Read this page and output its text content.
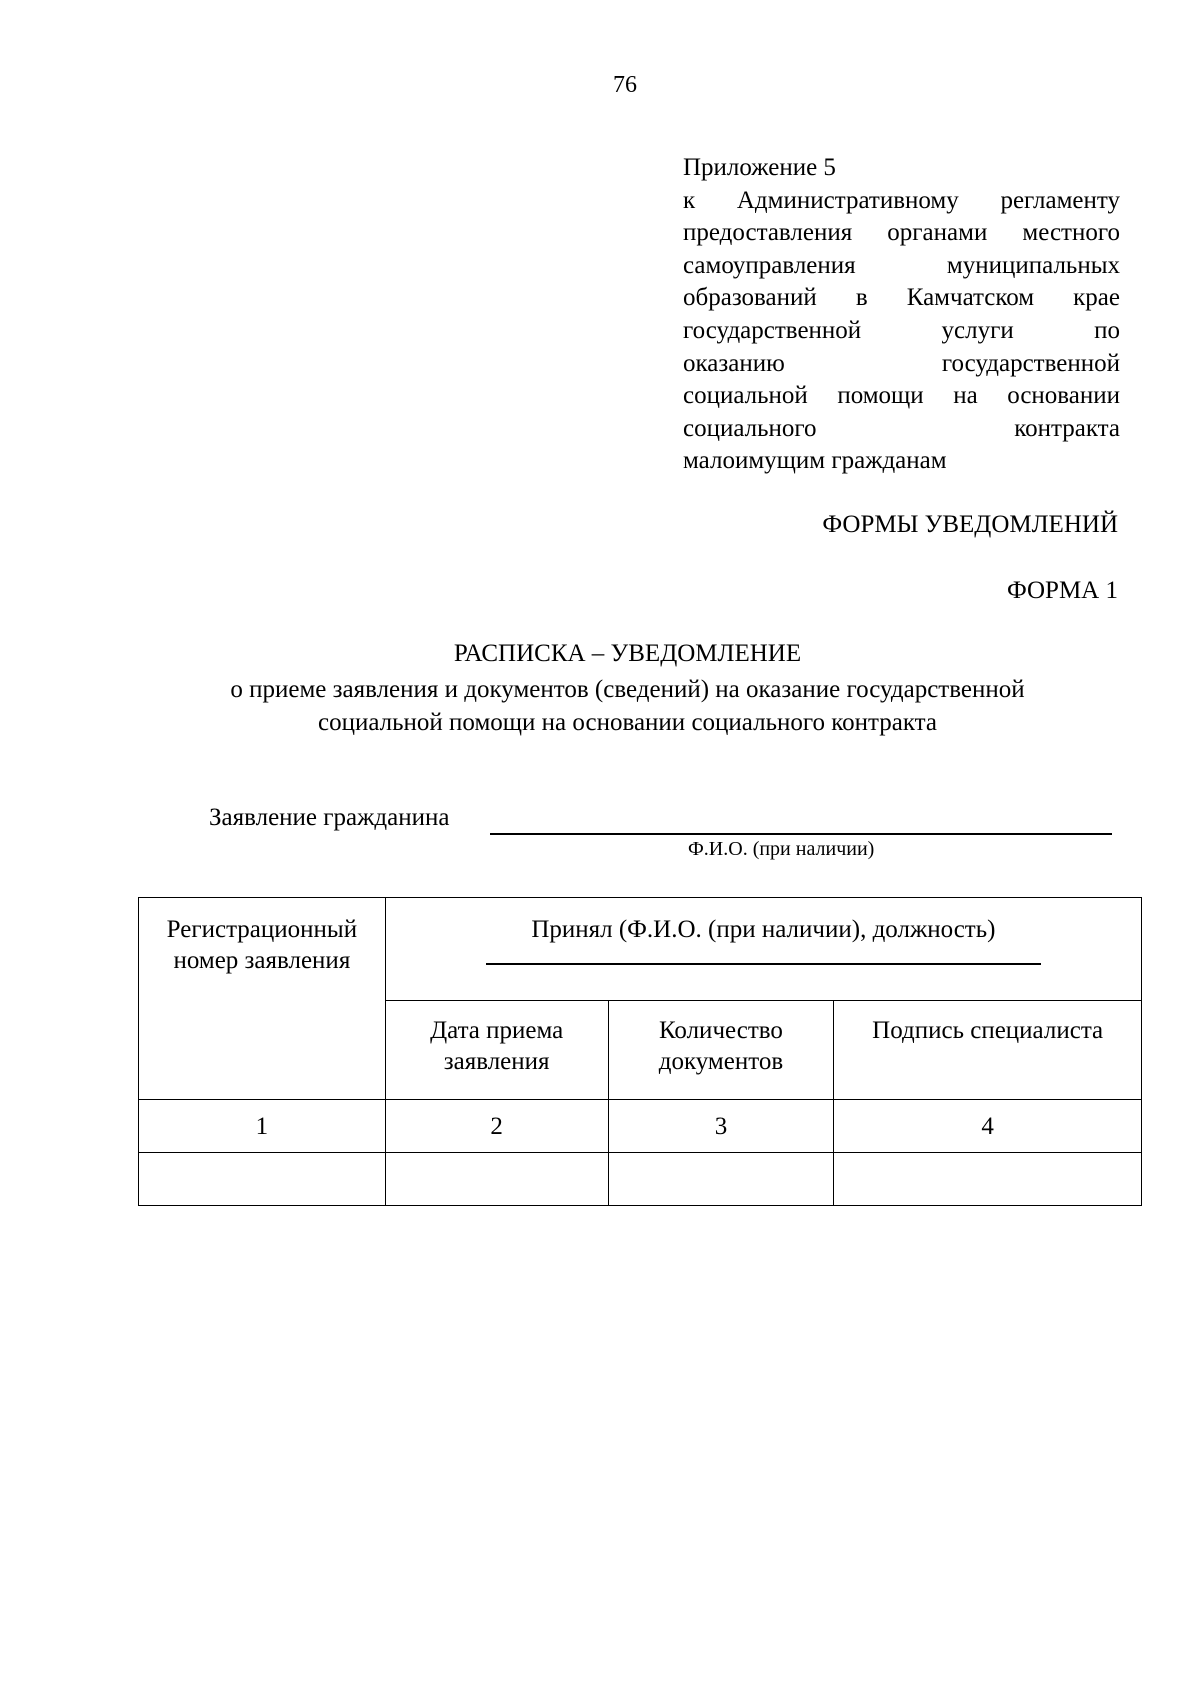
76
Приложение 5
к Административному регламенту
предоставления органами местного
самоуправления муниципальных
образований в Камчатском крае
государственной услуги по
оказанию государственной
социальной помощи на основании
социального контракта
малоимущим гражданам
ФОРМЫ УВЕДОМЛЕНИЙ
ФОРМА 1
РАСПИСКА – УВЕДОМЛЕНИЕ
о приеме заявления и документов (сведений) на оказание государственной
социальной помощи на основании социального контракта
Заявление гражданина
Ф.И.О. (при наличии)
Регистрационный номер заявления	Принял (Ф.И.О. (при наличии), должность)		

	Дата приема заявления	Количество документов	Подпись специалиста
1	2	3	4
